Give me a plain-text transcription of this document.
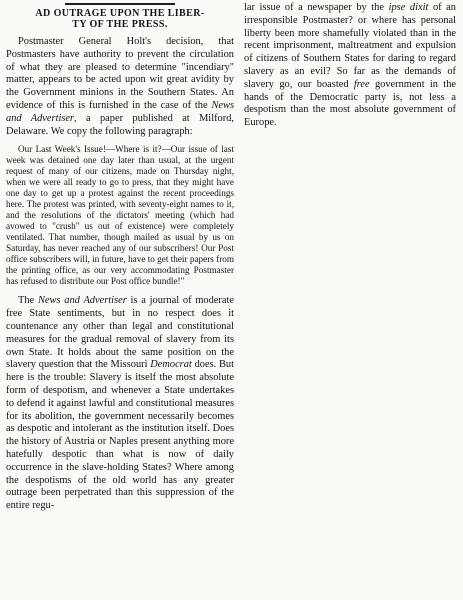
AD OUTRAGE UPON THE LIBER-
TY OF THE PRESS.

Postmaster General Holt's decision, that Postmasters have authority to prevent the circulation of what they are pleased to determine "incendiary" matter, appears to be acted upon wit great avidity by the Government minions in the Southern States. An evidence of this is furnished in the case of the News and Advertiser, a paper published at Milford, Delaware. We copy the following paragraph:

Our Last Week's Issue!—Where is it?—Our issue of last week was detained one day later than usual, at the urgent request of many of our citizens, made on Thursday night, when we were all ready to go to press, that they might have one day to get up a protest against the recent proceedings here. The protest was printed, with seventy-eight names to it, and the resolutions of the dictators' meeting (which had avowed to "crush" us out of existence) were completely ventilated. That number, though mailed as usual by us on Saturday, has never reached any of our subscribers! Our Post office subscribers will, in future, have to get their papers from the printing office, as our very accommodating Postmaster has refused to distribute our Post office bundle!"

The News and Advertiser is a journal of moderate free State sentiments, but in no respect does it countenance any other than legal and constitutional measures for the gradual removal of slavery from its own State. It holds about the same position on the slavery question that the Missouri Democrat does. But here is the trouble: Slavery is itself the most absolute form of despotism, and whenever a State undertakes to defend it against lawful and constitutional measures for its abolition, the government necessarily becomes as despotic and intolerant as the institution itself. Does the history of Austria or Naples present anything more hatefully despotic than what is now of daily occurrence in the slave-holding States? Where among the despotisms of the old world has any greater outrage been perpetrated than this suppression of the entire regu-

lar issue of a newspaper by the ipse dixit of an irresponsible Postmaster? or where has personal liberty been more shamefully violated than in the recent imprisonment, maltreatment and expulsion of citizens of Southern States for daring to regard slavery as an evil? So far as the demands of slavery go, our boasted free government in the hands of the Democratic party is, not less a despotism than the most absolute government of Europe.
